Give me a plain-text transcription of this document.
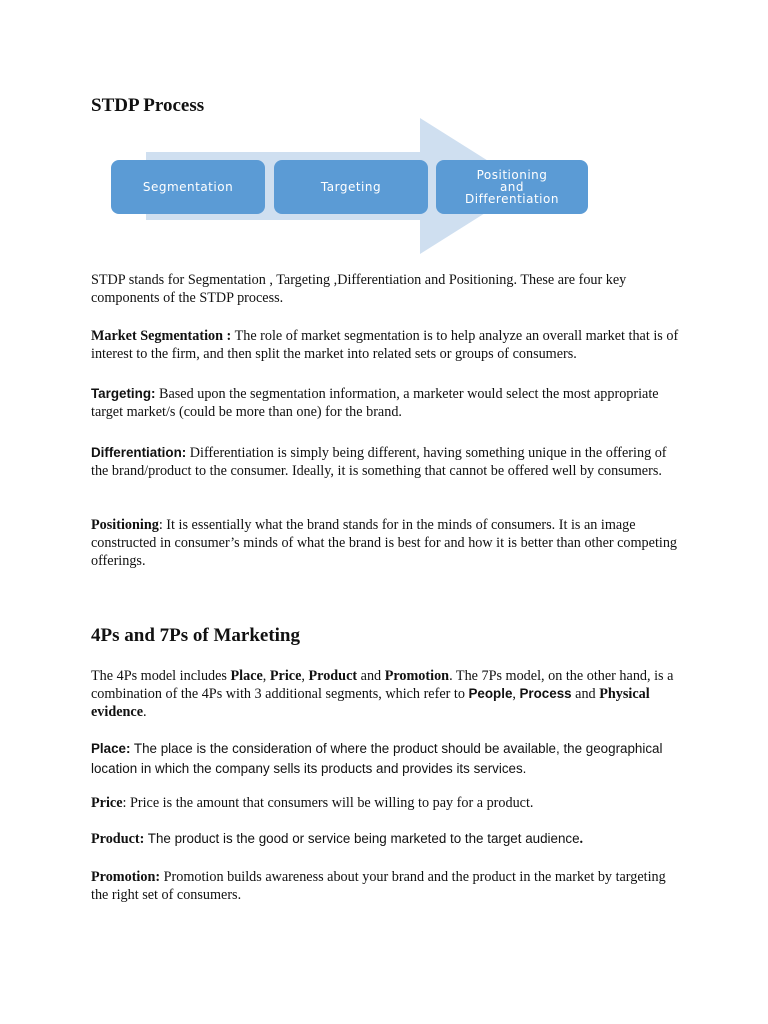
STDP Process
Segmentation	Targeting
Positioning
and
Differentiation

STDP stands for Segmentation , Targeting ,Differentiation and Positioning. These are four key components of the STDP process.

Market Segmentation : The role of market segmentation is to help analyze an overall market that is of interest to the firm, and then split the market into related sets or groups of consumers.

Targeting: Based upon the segmentation information, a marketer would select the most appropriate target market/s (could be more than one) for the brand.

Differentiation: Differentiation is simply being different, having something unique in the offering of the brand/product to the consumer. Ideally, it is something that cannot be offered well by consumers.

Positioning: It is essentially what the brand stands for in the minds of consumers. It is an image constructed in consumer’s minds of what the brand is best for and how it is better than other competing offerings.

4Ps and 7Ps of Marketing

The 4Ps model includes Place, Price, Product and Promotion. The 7Ps model, on the other hand, is a combination of the 4Ps with 3 additional segments, which refer to People, Process and Physical evidence.

Place: The place is the consideration of where the product should be available, the geographical location in which the company sells its products and provides its services.

Price: Price is the amount that consumers will be willing to pay for a product.

Product: The product is the good or service being marketed to the target audience.

Promotion: Promotion builds awareness about your brand and the product in the market by targeting the right set of consumers.
